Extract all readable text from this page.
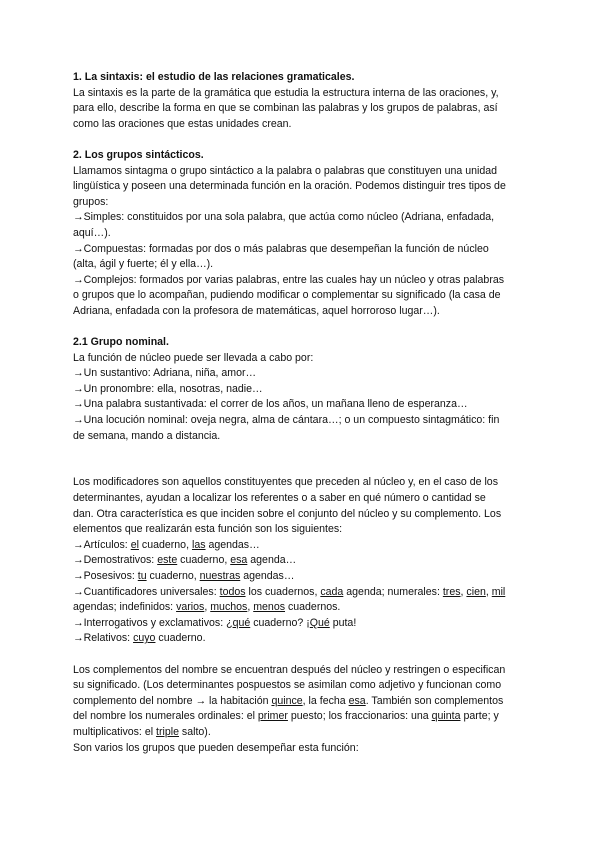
1. La sintaxis: el estudio de las relaciones gramaticales.
La sintaxis es la parte de la gramática que estudia la estructura interna de las oraciones, y,
para ello, describe la forma en que se combinan las palabras y los grupos de palabras, así
como las oraciones que estas unidades crean.
2. Los grupos sintácticos.
Llamamos sintagma o grupo sintáctico a la palabra o palabras que constituyen una unidad
lingüística y poseen una determinada función en la oración. Podemos distinguir tres tipos de
grupos:
→Simples: constituidos por una sola palabra, que actúa como núcleo (Adriana, enfadada,
aquí…).
→Compuestas: formadas por dos o más palabras que desempeñan la función de núcleo
(alta, ágil y fuerte; él y ella…).
→Complejos: formados por varias palabras, entre las cuales hay un núcleo y otras palabras
o grupos que lo acompañan, pudiendo modificar o complementar su significado (la casa de
Adriana, enfadada con la profesora de matemáticas, aquel horroroso lugar…).
2.1 Grupo nominal.
La función de núcleo puede ser llevada a cabo por:
→Un sustantivo: Adriana, niña, amor…
→Un pronombre: ella, nosotras, nadie…
→Una palabra sustantivada: el correr de los años, un mañana lleno de esperanza…
→Una locución nominal: oveja negra, alma de cántara…; o un compuesto sintagmático: fin
de semana, mando a distancia.
Los modificadores son aquellos constituyentes que preceden al núcleo y, en el caso de los
determinantes, ayudan a localizar los referentes o a saber en qué número o cantidad se
dan. Otra característica es que inciden sobre el conjunto del núcleo y su complemento. Los
elementos que realizarán esta función son los siguientes:
→Artículos: el cuaderno, las agendas…
→Demostrativos: este cuaderno, esa agenda…
→Posesivos: tu cuaderno, nuestras agendas…
→Cuantificadores universales: todos los cuadernos, cada agenda; numerales: tres, cien, mil
agendas; indefinidos: varios, muchos, menos cuadernos.
→Interrogativos y exclamativos: ¿qué cuaderno? ¡Qué puta!
→Relativos: cuyo cuaderno.
Los complementos del nombre se encuentran después del núcleo y restringen o especifican
su significado. (Los determinantes pospuestos se asimilan como adjetivo y funcionan como
complemento del nombre → la habitación quince, la fecha esa. También son complementos
del nombre los numerales ordinales: el primer puesto; los fraccionarios: una quinta parte; y
multiplicativos: el triple salto).
Son varios los grupos que pueden desempeñar esta función:
